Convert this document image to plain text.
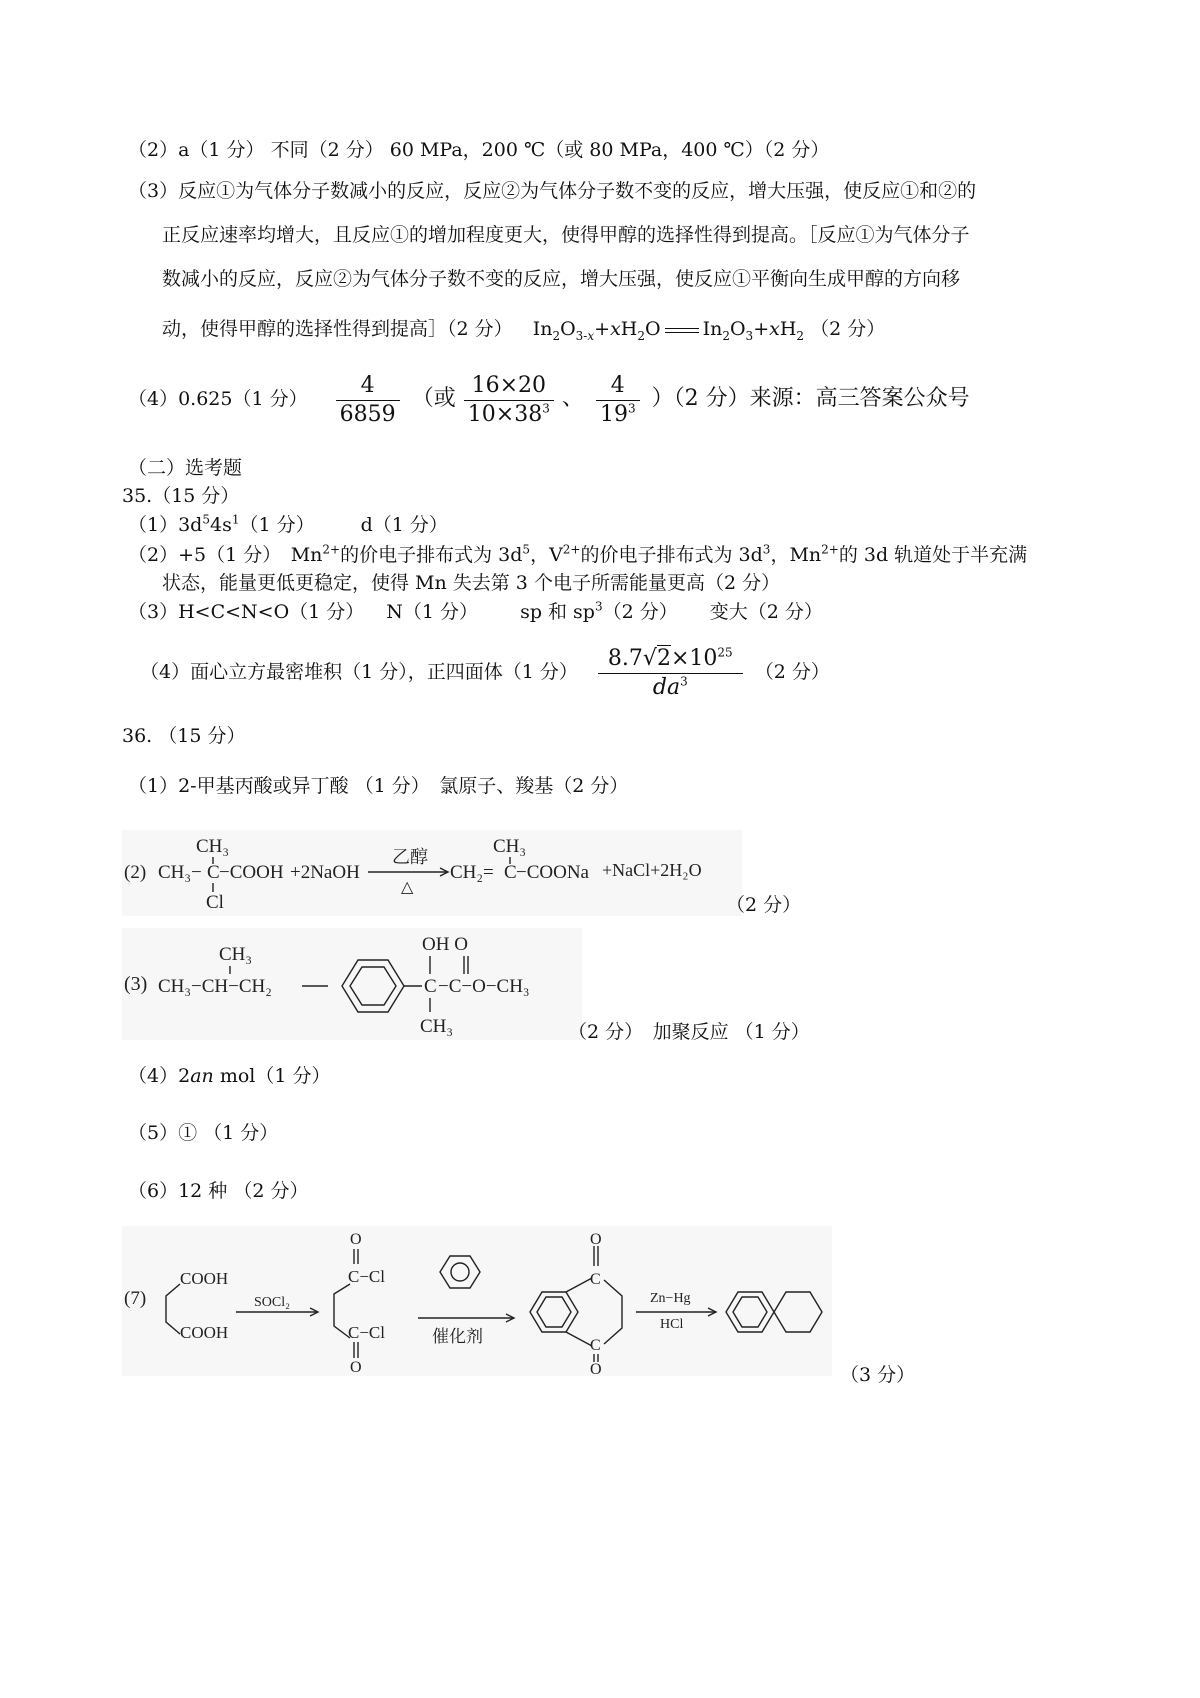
（2）a（1 分） 不同（2 分） 60 MPa，200 ℃（或 80 MPa，400 ℃）（2 分）
（3）反应①为气体分子数减小的反应，反应②为气体分子数不变的反应，增大压强，使反应①和②的
正反应速率均增大，且反应①的增加程度更大，使得甲醇的选择性得到提高。［反应①为气体分子
数减小的反应，反应②为气体分子数不变的反应，增大压强，使反应①平衡向生成甲醇的方向移
动，使得甲醇的选择性得到提高］（2 分） $In_2O_{3-x}+xH_2O$ $In_2O_3+xH_2$ （2 分）
（4）0.625（1 分） $\frac{4}{6859}$ （或 $\frac{16\times 20}{10\times 38^3}$ 、 $\frac{4}{19^3} )(2$ 分）来源：高三答案公众号
（二）选考题
35.（15 分）
$(1)3d^54s^1(1$ 分） d（1 分）
（2）+5（1 分）　$Mn^{2+}$的价电子排布式为 $3d^5$，$V^{2+}$的价电子排布式为 $3d^3$，$Mn^{2+}$的 3d 轨道处于半充满
状态，能量更低更稳定，使得 Mn 失去第 3 个电子所需能量更高（2 分）
（3）H<C<N<O（1 分） N（1 分） sp 和 $sp^3(2$ 分） 变大（2 分）
（4）面心立方最密堆积（1 分），正四面体（1 分） $\frac{8.7√2\times 10^{25}}{da^3} (2$ 分）
36. （15 分）
（1）2-甲基丙酸或异丁酸 （1 分）　氯原子、羧基（2 分）
(2) CH₃− C
CH₃
Cl
−COOH +2NaOH
乙醇
△
CH₂= C
CH₃
−COONa +NaCl+2H₂O
（2 分）
(3)
CH₃
CH₃−CH−CH₂
OH O
C −C−O−CH₃
CH₃	（2 分）　加聚反应 （1 分）
（4）2an mol（1 分）
（5）① （1 分）
（6）12 种 （2 分）
(7)
COOH
COOH
SOCl₂
O
C−Cl
C−Cl
O
催化剂
C
C
O
O
Zn−Hg
HCl
（3 分）
